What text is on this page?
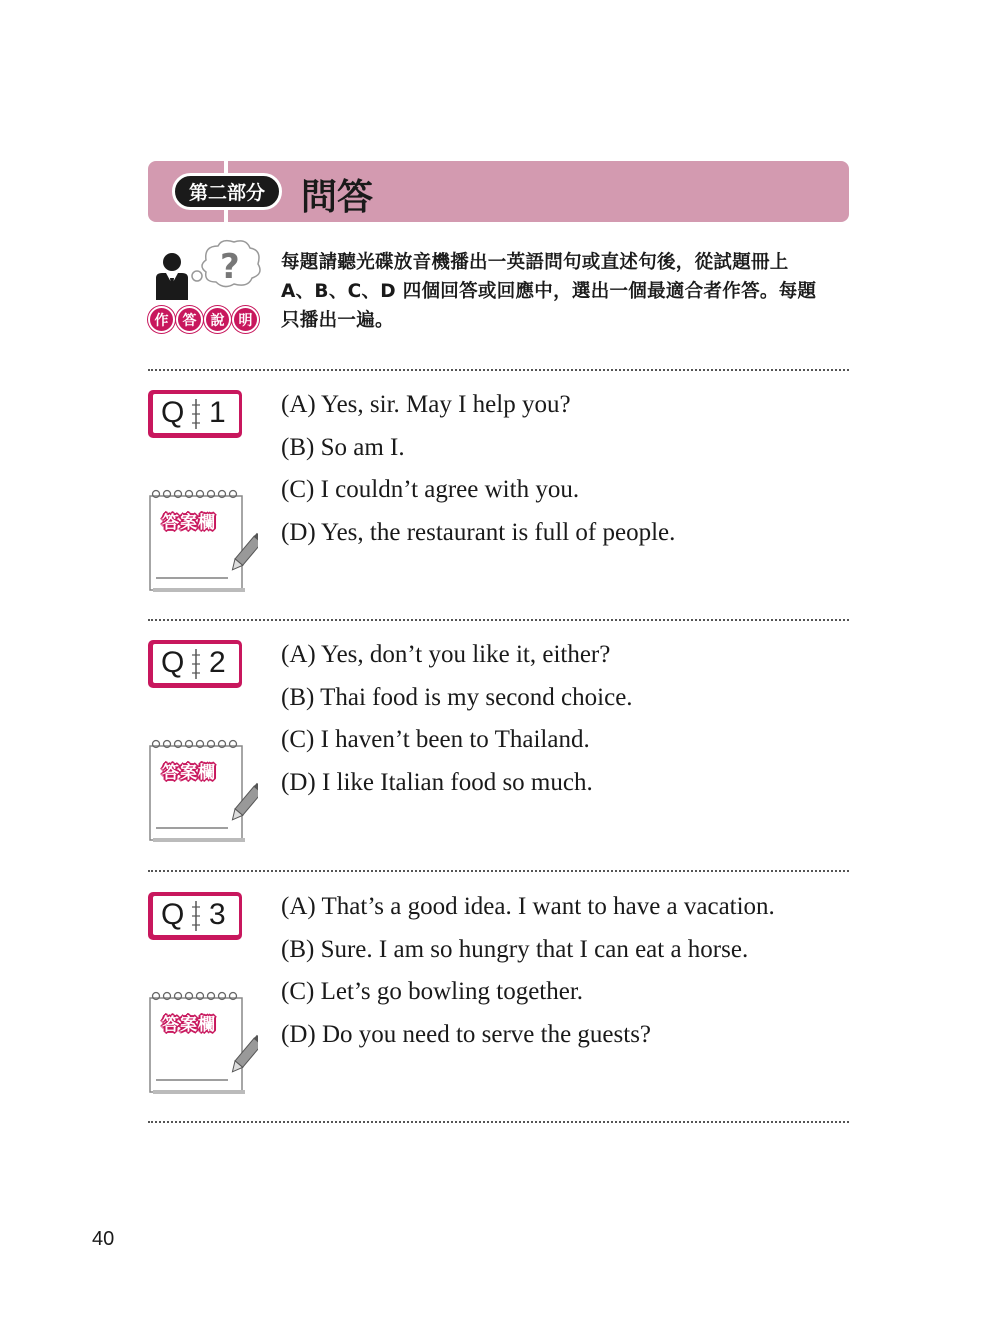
第二部分	問答
?
作	答	說	明
每題請聽光碟放音機播出一英語問句或直述句後，從試題冊上
A、B、C、D 四個回答或回應中，選出一個最適合者作答。每題
只播出一遍。
Q 1
答案欄
(A) Yes, sir. May I help you?
(B) So am I.
(C) I couldn’t agree with you.
(D) Yes, the restaurant is full of people.
Q 2
答案欄
(A) Yes, don’t you like it, either?
(B) Thai food is my second choice.
(C) I haven’t been to Thailand.
(D) I like Italian food so much.
Q 3
答案欄
(A) That’s a good idea. I want to have a vacation.
(B) Sure. I am so hungry that I can eat a horse.
(C) Let’s go bowling together.
(D) Do you need to serve the guests?
40
